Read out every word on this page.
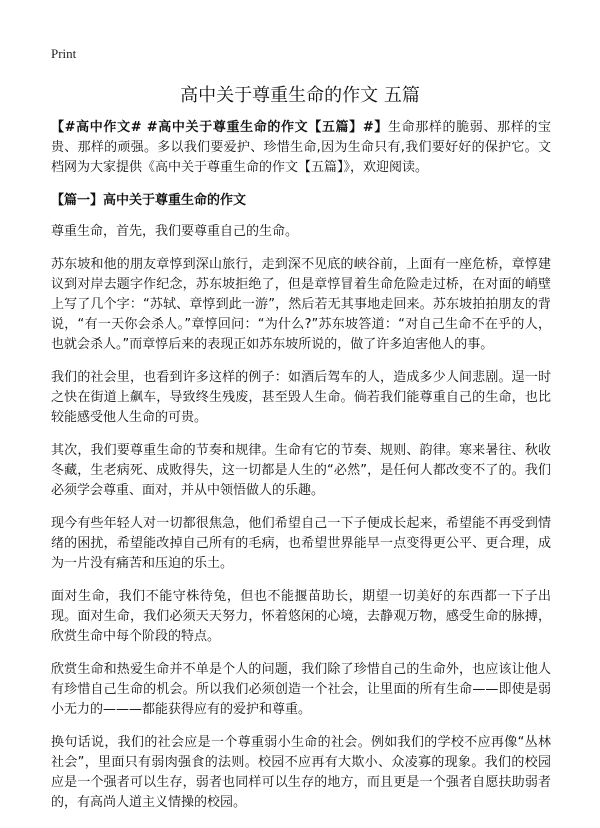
Print
高中关于尊重生命的作文 五篇

【#高中作文# #高中关于尊重生命的作文【五篇】#】生命那样的脆弱、那样的宝贵、那样的顽强。多以我们要爱护、珍惜生命,因为生命只有,我们要好好的保护它。文档网为大家提供《高中关于尊重生命的作文【五篇】》，欢迎阅读。

【篇一】高中关于尊重生命的作文

尊重生命，首先，我们要尊重自己的生命。

苏东坡和他的朋友章惇到深山旅行，走到深不见底的峡谷前，上面有一座危桥，章惇建议到对岸去题字作纪念，苏东坡拒绝了，但是章惇冒着生命危险走过桥，在对面的峭壁上写了几个字：“苏轼、章惇到此一游”，然后若无其事地走回来。苏东坡拍拍朋友的背说，“有一天你会杀人。”章惇回问：“为什么?”苏东坡答道：“对自己生命不在乎的人，也就会杀人。”而章惇后来的表现正如苏东坡所说的，做了许多迫害他人的事。

我们的社会里，也看到许多这样的例子：如酒后驾车的人，造成多少人间悲剧。逞一时之快在街道上飙车，导致终生残废，甚至毁人生命。倘若我们能尊重自己的生命，也比较能感受他人生命的可贵。

其次，我们要尊重生命的节奏和规律。生命有它的节奏、规则、韵律。寒来暑往、秋收冬藏，生老病死、成败得失，这一切都是人生的“必然”，是任何人都改变不了的。我们必须学会尊重、面对，并从中领悟做人的乐趣。

现今有些年轻人对一切都很焦急，他们希望自己一下子便成长起来，希望能不再受到情绪的困扰，希望能改掉自己所有的毛病，也希望世界能早一点变得更公平、更合理，成为一片没有痛苦和压迫的乐土。

面对生命，我们不能守株待兔，但也不能揠苗助长，期望一切美好的东西都一下子出现。面对生命，我们必须天天努力，怀着悠闲的心境，去静观万物，感受生命的脉搏，欣赏生命中每个阶段的特点。

欣赏生命和热爱生命并不单是个人的问题，我们除了珍惜自己的生命外，也应该让他人有珍惜自己生命的机会。所以我们必须创造一个社会，让里面的所有生命——即使是弱小无力的———都能获得应有的爱护和尊重。

换句话说，我们的社会应是一个尊重弱小生命的社会。例如我们的学校不应再像“丛林社会”，里面只有弱肉强食的法则。校园不应再有大欺小、众凌寡的现象。我们的校园应是一个强者可以生存，弱者也同样可以生存的地方，而且更是一个强者自愿扶助弱者的，有高尚人道主义情操的校园。
